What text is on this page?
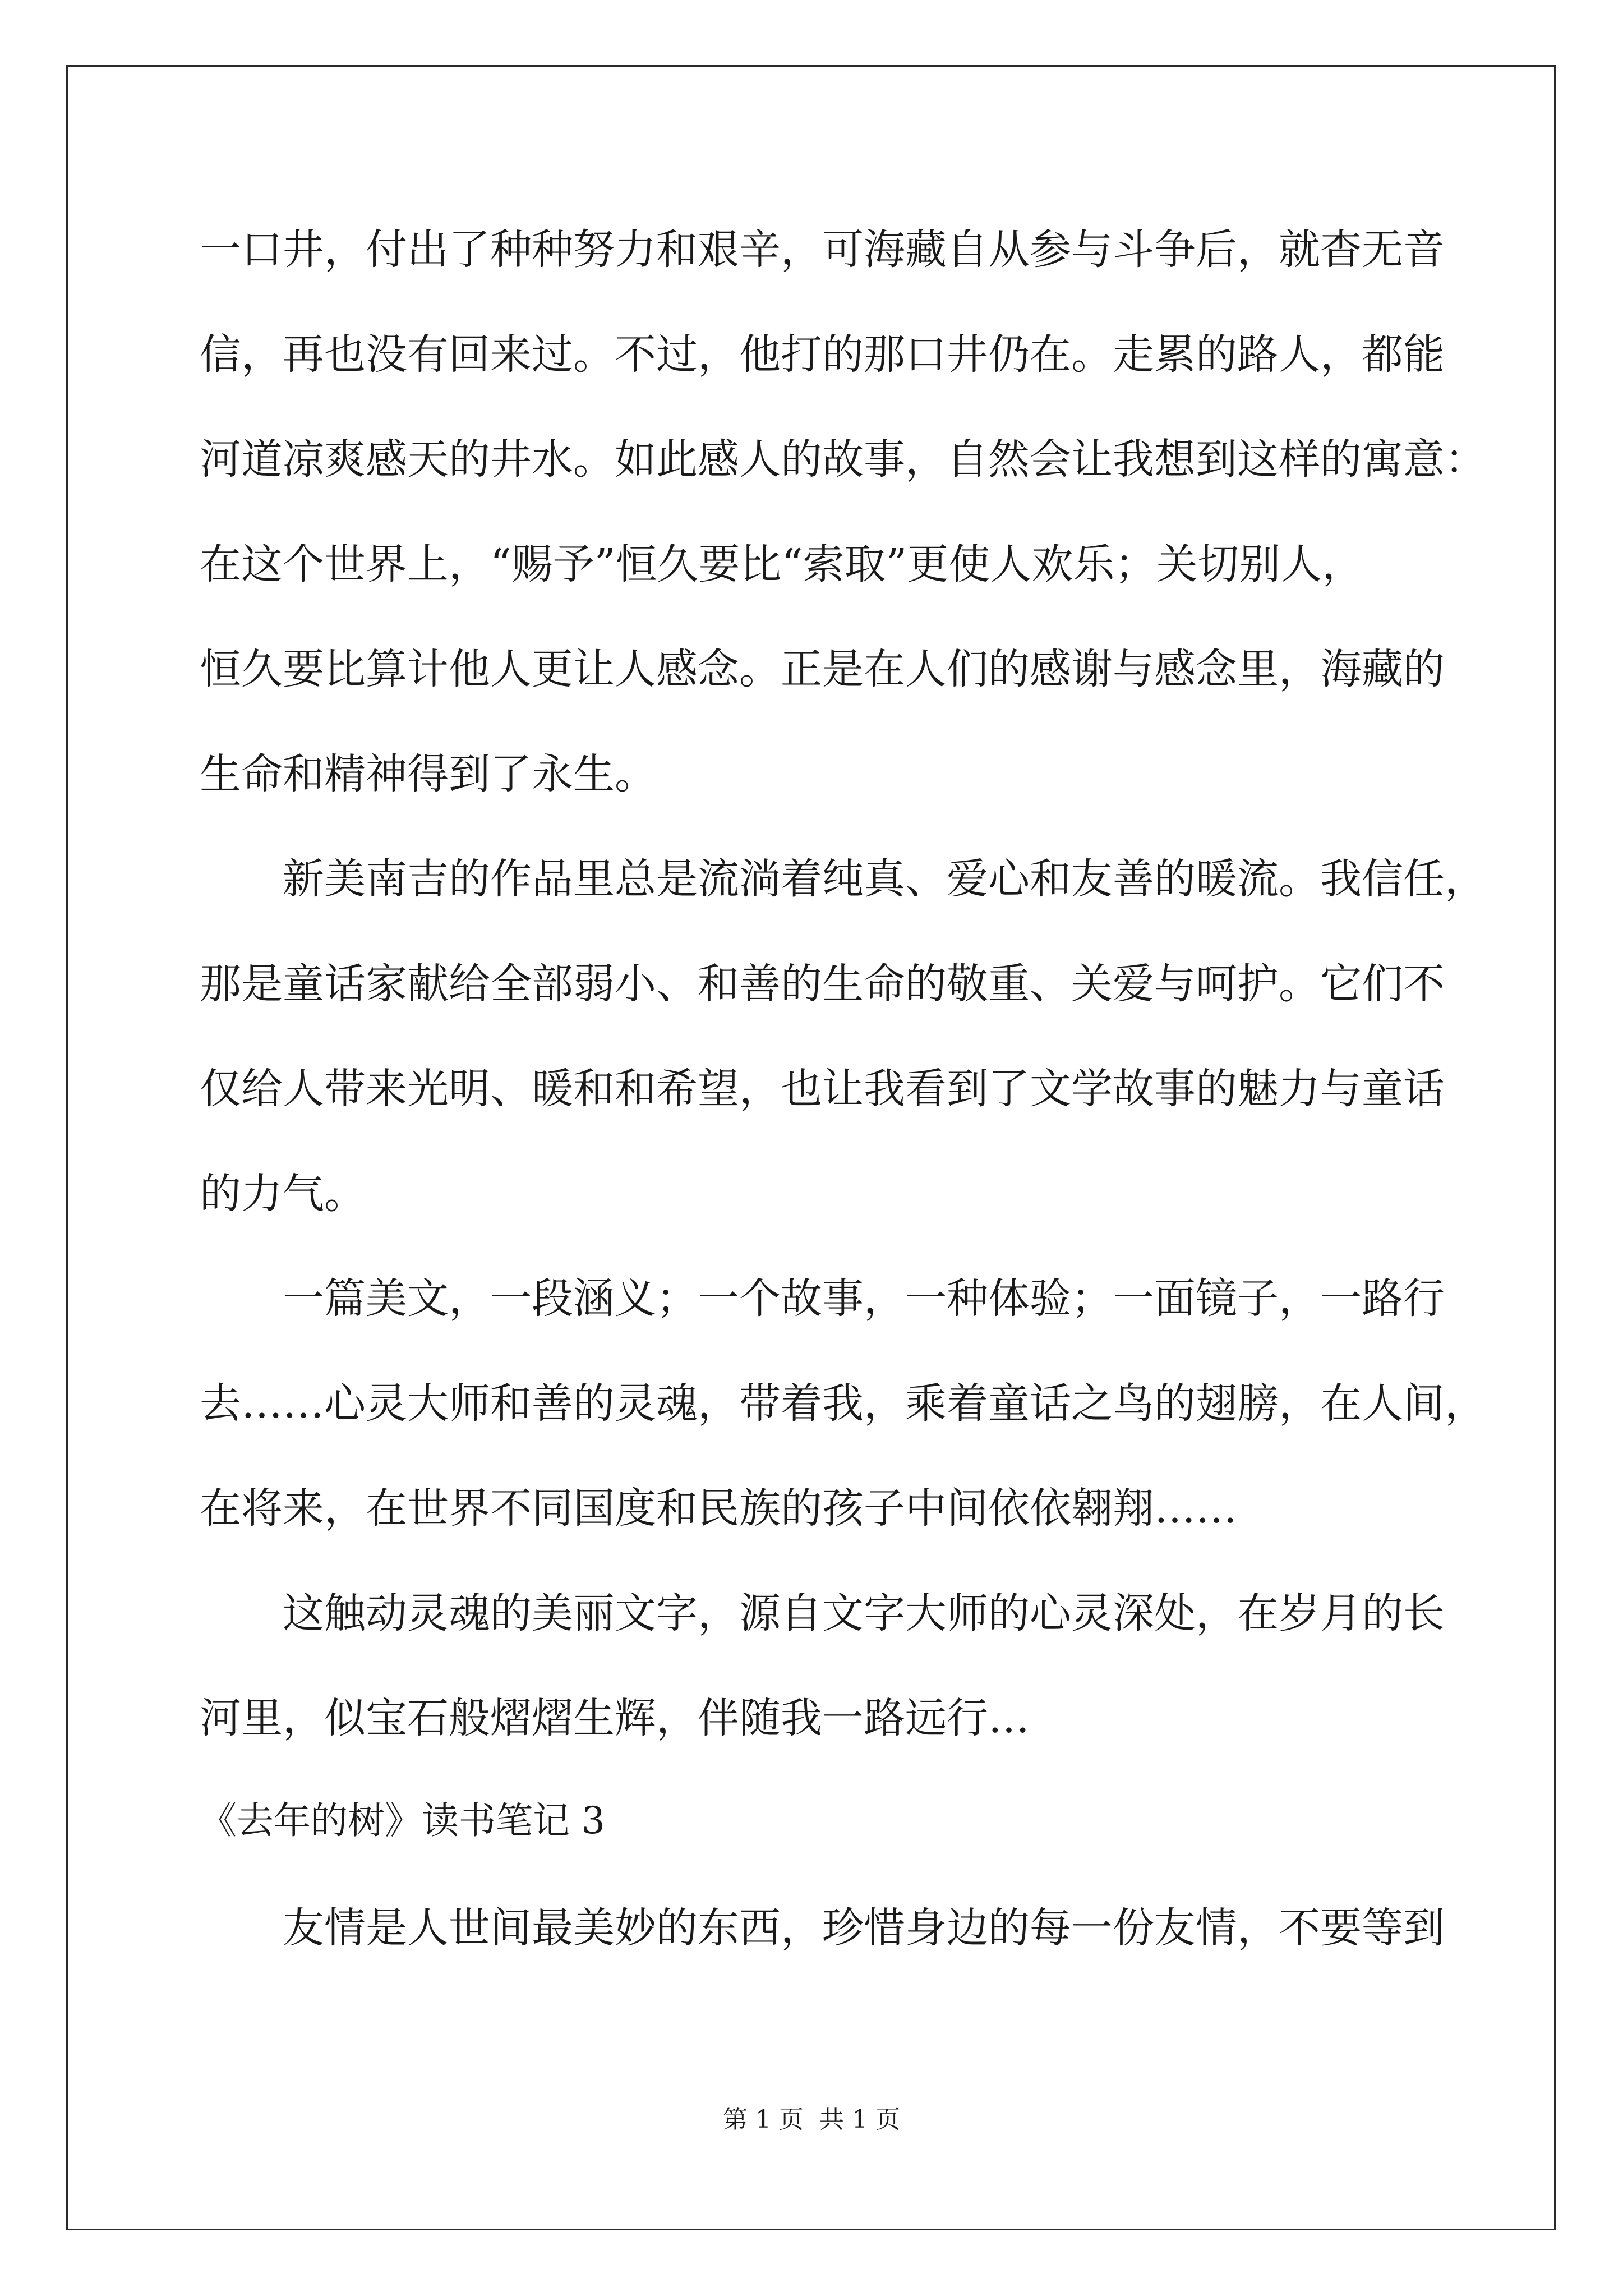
一口井，付出了种种努力和艰辛，可海藏自从参与斗争后，就杳无音
信，再也没有回来过。不过，他打的那口井仍在。走累的路人，都能
河道凉爽感天的井水。如此感人的故事，自然会让我想到这样的寓意：
在这个世界上，“赐予”恒久要比“索取”更使人欢乐；关切别人，
恒久要比算计他人更让人感念。正是在人们的感谢与感念里，海藏的
生命和精神得到了永生。
新美南吉的作品里总是流淌着纯真、爱心和友善的暖流。我信任，
那是童话家献给全部弱小、和善的生命的敬重、关爱与呵护。它们不
仅给人带来光明、暖和和希望，也让我看到了文学故事的魅力与童话
的力气。
一篇美文，一段涵义；一个故事，一种体验；一面镜子，一路行
去……心灵大师和善的灵魂，带着我，乘着童话之鸟的翅膀，在人间，
在将来，在世界不同国度和民族的孩子中间依依翱翔……
这触动灵魂的美丽文字，源自文字大师的心灵深处，在岁月的长
河里，似宝石般熠熠生辉，伴随我一路远行…
《去年的树》读书笔记 3
友情是人世间最美妙的东西，珍惜身边的每一份友情，不要等到
第 1 页 共 1 页
